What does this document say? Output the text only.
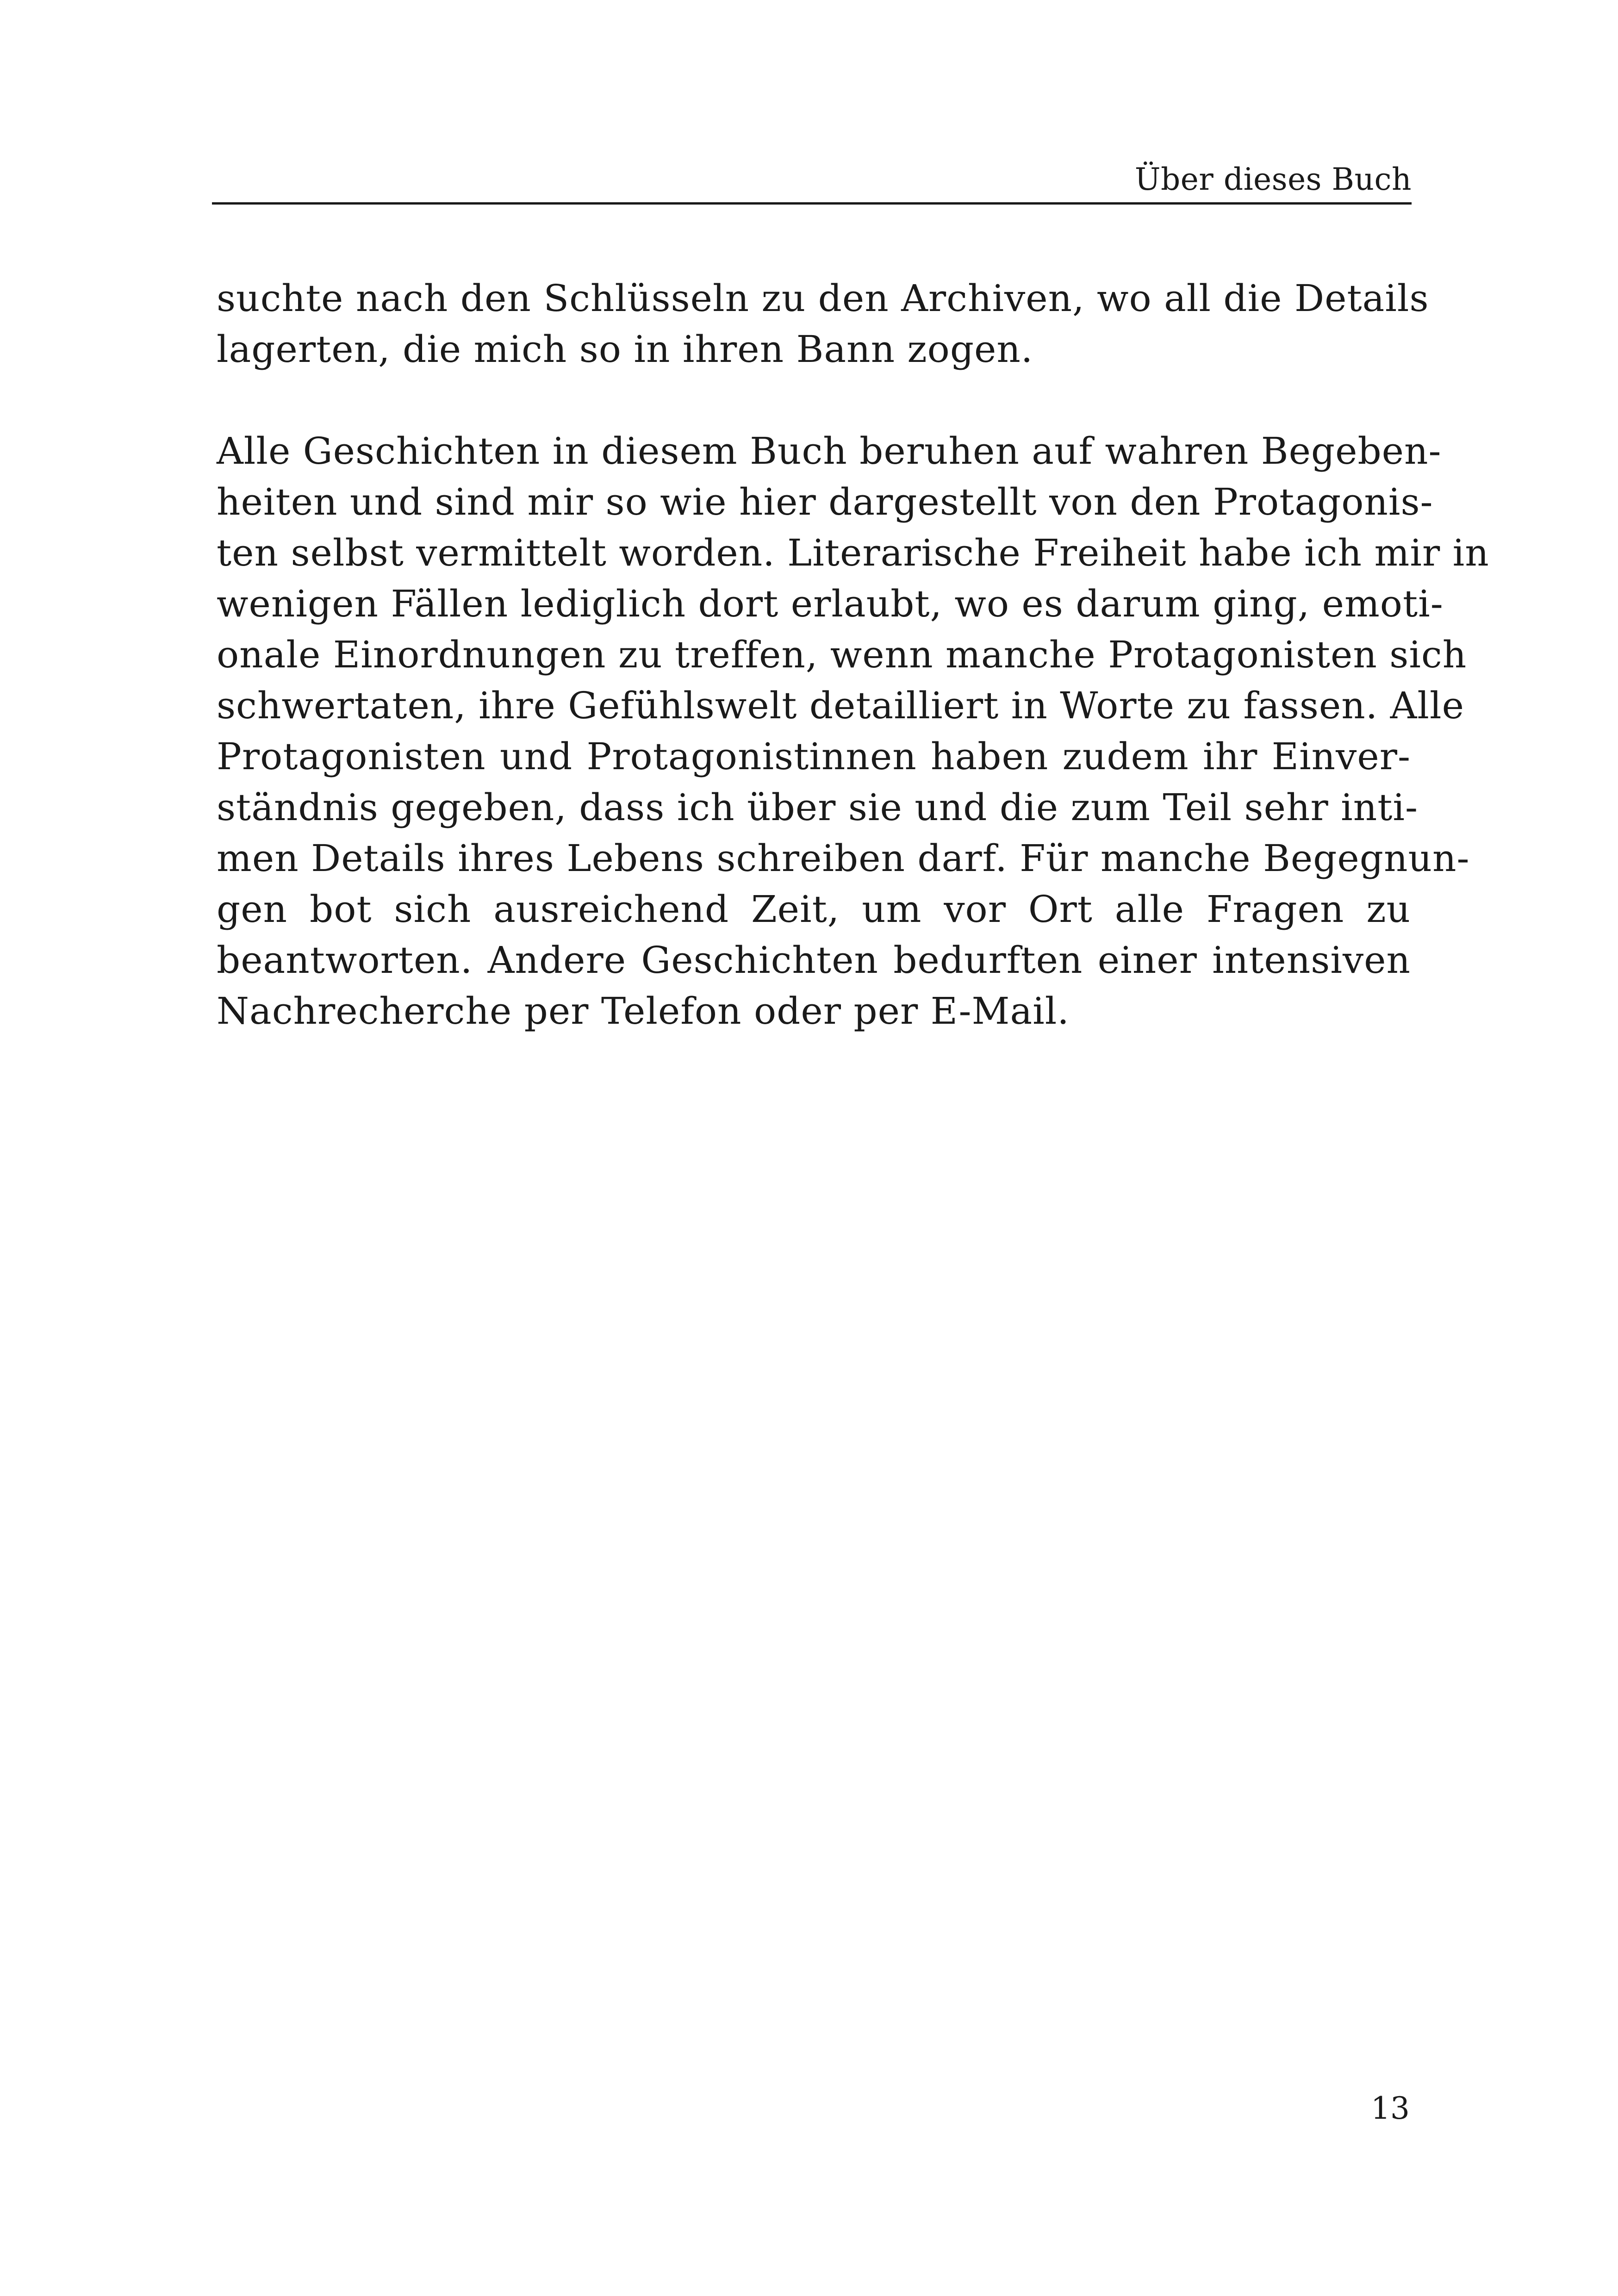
Über dieses Buch

suchte nach den Schlüsseln zu den Archiven, wo all die Details
lagerten, die mich so in ihren Bann zogen.

Alle Geschichten in diesem Buch beruhen auf wahren Begeben-
heiten und sind mir so wie hier dargestellt von den Protagonis-
ten selbst vermittelt worden. Literarische Freiheit habe ich mir in
wenigen Fällen lediglich dort erlaubt, wo es darum ging, emoti-
onale Einordnungen zu treffen, wenn manche Protagonisten sich
schwertaten, ihre Gefühlswelt detailliert in Worte zu fassen. Alle
Protagonisten und Protagonistinnen haben zudem ihr Einver-
ständnis gegeben, dass ich über sie und die zum Teil sehr inti-
men Details ihres Lebens schreiben darf. Für manche Begegnun-
gen bot sich ausreichend Zeit, um vor Ort alle Fragen zu
beantworten. Andere Geschichten bedurften einer intensiven
Nachrecherche per Telefon oder per E-Mail.

13
